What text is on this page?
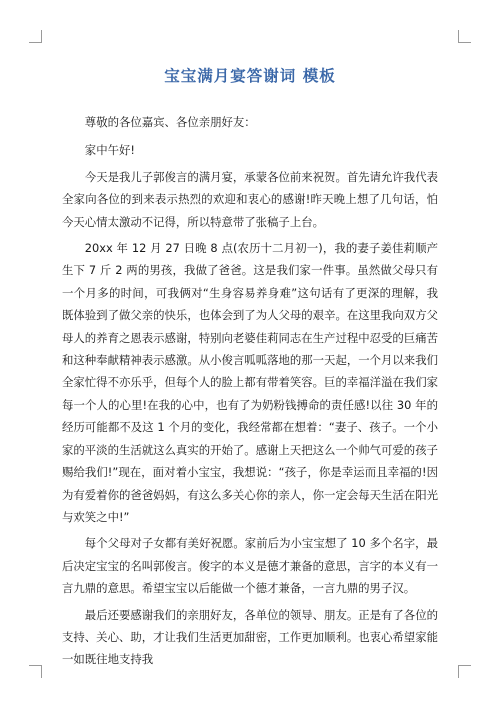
宝宝满月宴答谢词 模板

尊敬的各位嘉宾、各位亲朋好友：

家中午好!

今天是我儿子郭俊言的满月宴，承蒙各位前来祝贺。首先请允许我代表全家向各位的到来表示热烈的欢迎和衷心的感谢!昨天晚上想了几句话，怕今天心情太激动不记得，所以特意带了张稿子上台。

20xx 年 12 月 27 日晚 8 点(农历十二月初一)，我的妻子姜佳莉顺产生下 7 斤 2 两的男孩，我做了爸爸。这是我们家一件事。虽然做父母只有一个月多的时间，可我俩对“生身容易养身难”这句话有了更深的理解，我既体验到了做父亲的快乐，也体会到了为人父母的艰辛。在这里我向双方父母人的养育之恩表示感谢，特别向老婆佳莉同志在生产过程中忍受的巨痛苦和这种奉献精神表示感激。从小俊言呱呱落地的那一天起，一个月以来我们全家忙得不亦乐乎，但每个人的脸上都有带着笑容。巨的幸福洋溢在我们家每一个人的心里!在我的心中，也有了为奶粉钱搏命的责任感!以往 30 年的经历可能都不及这 1 个月的变化，我经常都在想着：“妻子、孩子。一个小家的平淡的生活就这么真实的开始了。感谢上天把这么一个帅气可爱的孩子赐给我们!”现在，面对着小宝宝，我想说：“孩子，你是幸运而且幸福的!因为有爱着你的爸爸妈妈，有这么多关心你的亲人，你一定会每天生活在阳光与欢笑之中!”

每个父母对子女都有美好祝愿。家前后为小宝宝想了 10 多个名字，最后决定宝宝的名叫郭俊言。俊字的本义是德才兼备的意思，言字的本义有一言九鼎的意思。希望宝宝以后能做一个德才兼备，一言九鼎的男子汉。

最后还要感谢我们的亲朋好友，各单位的领导、朋友。正是有了各位的支持、关心、助，才让我们生活更加甜密，工作更加顺利。也衷心希望家能一如既往地支持我
